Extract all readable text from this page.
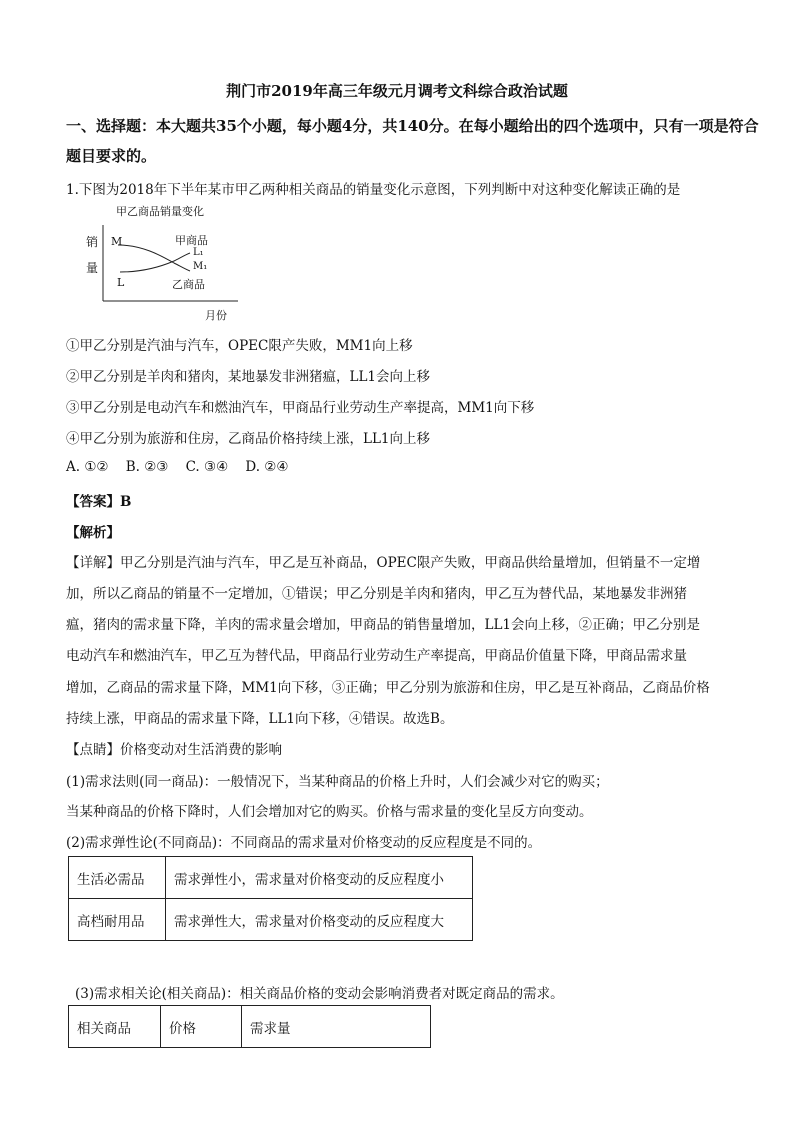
荆门市2019年高三年级元月调考文科综合政治试题
一、选择题：本大题共35个小题，每小题4分，共140分。在每小题给出的四个选项中，只有一项是符合
题目要求的。
1.下图为2018年下半年某市甲乙两种相关商品的销量变化示意图，下列判断中对这种变化解读正确的是
甲乙商品销量变化
销
量
M
L
甲商品
L₁
M₁
乙商品
月份
①甲乙分别是汽油与汽车，OPEC限产失败，MM1向上移
②甲乙分别是羊肉和猪肉，某地暴发非洲猪瘟，LL1会向上移
③甲乙分别是电动汽车和燃油汽车，甲商品行业劳动生产率提高，MM1向下移
④甲乙分别为旅游和住房，乙商品价格持续上涨，LL1向上移
A. ①②    B. ②③    C. ③④    D. ②④
【答案】B
【解析】
【详解】甲乙分别是汽油与汽车，甲乙是互补商品，OPEC限产失败，甲商品供给量增加，但销量不一定增
加，所以乙商品的销量不一定增加，①错误；甲乙分别是羊肉和猪肉，甲乙互为替代品，某地暴发非洲猪
瘟，猪肉的需求量下降，羊肉的需求量会增加，甲商品的销售量增加，LL1会向上移，②正确；甲乙分别是
电动汽车和燃油汽车，甲乙互为替代品，甲商品行业劳动生产率提高，甲商品价值量下降，甲商品需求量
增加，乙商品的需求量下降，MM1向下移，③正确；甲乙分别为旅游和住房，甲乙是互补商品，乙商品价格
持续上涨，甲商品的需求量下降，LL1向下移，④错误。故选B。
【点睛】价格变动对生活消费的影响
(1)需求法则(同一商品)：一般情况下，当某种商品的价格上升时，人们会减少对它的购买；
当某种商品的价格下降时，人们会增加对它的购买。价格与需求量的变化呈反方向变动。
(2)需求弹性论(不同商品)：不同商品的需求量对价格变动的反应程度是不同的。
生活必需品	需求弹性小，需求量对价格变动的反应程度小
高档耐用品	需求弹性大，需求量对价格变动的反应程度大
(3)需求相关论(相关商品)：相关商品价格的变动会影响消费者对既定商品的需求。
相关商品	价格	需求量
